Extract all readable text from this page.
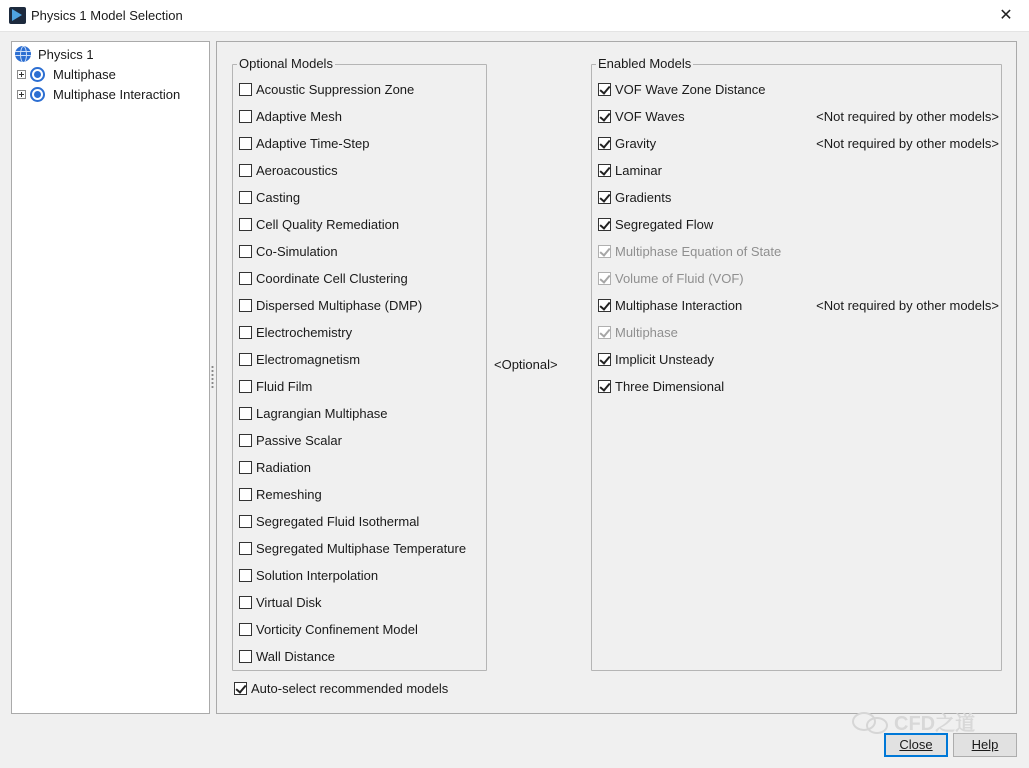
Physics 1 Model Selection	✕
Physics 1
Multiphase
Multiphase Interaction
Optional Models
Acoustic Suppression Zone
Adaptive Mesh
Adaptive Time-Step
Aeroacoustics
Casting
Cell Quality Remediation
Co-Simulation
Coordinate Cell Clustering
Dispersed Multiphase (DMP)
Electrochemistry
Electromagnetism
Fluid Film
Lagrangian Multiphase
Passive Scalar
Radiation
Remeshing
Segregated Fluid Isothermal
Segregated Multiphase Temperature
Solution Interpolation
Virtual Disk
Vorticity Confinement Model
Wall Distance
<Optional>
Enabled Models
VOF Wave Zone Distance
VOF Waves	<Not required by other models>
Gravity	<Not required by other models>
Laminar
Gradients
Segregated Flow
Multiphase Equation of State
Volume of Fluid (VOF)
Multiphase Interaction	<Not required by other models>
Multiphase
Implicit Unsteady
Three Dimensional
Auto-select recommended models
Close	Help
CFD之道
